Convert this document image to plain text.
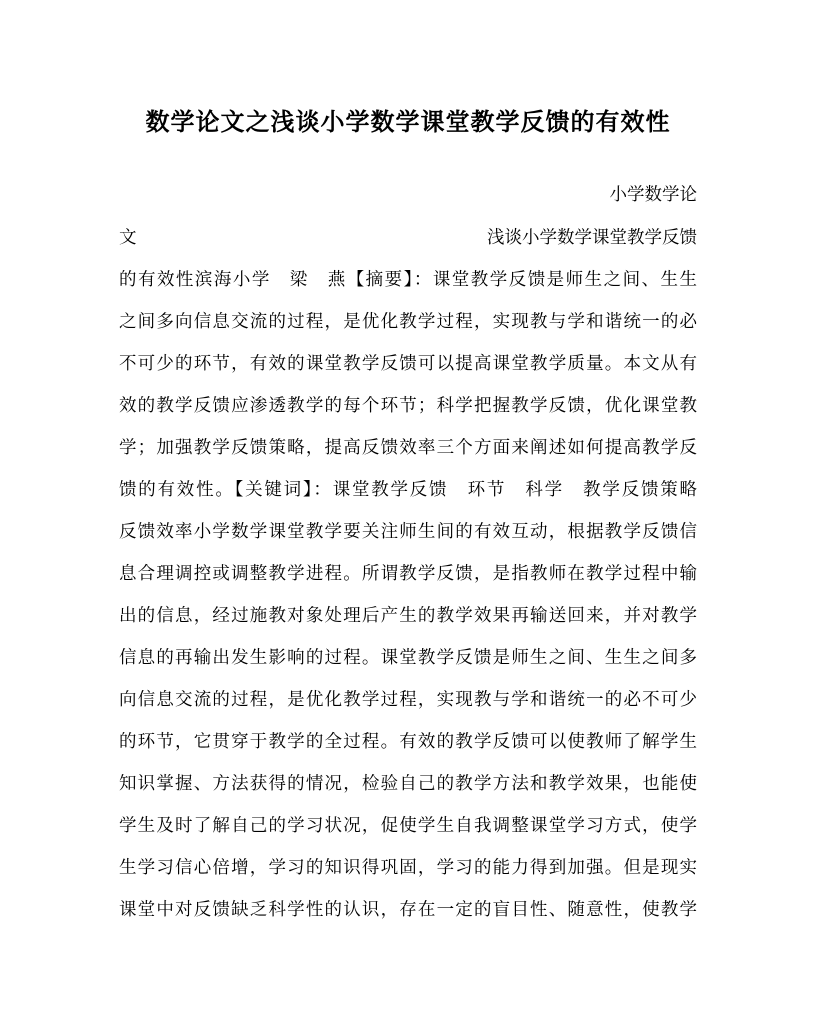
数学论文之浅谈小学数学课堂教学反馈的有效性
小学数学论
文	浅谈小学数学课堂教学反馈
的有效性滨海小学　梁　燕【摘要】：课堂教学反馈是师生之间、生生
之间多向信息交流的过程，是优化教学过程，实现教与学和谐统一的必
不可少的环节，有效的课堂教学反馈可以提高课堂教学质量。本文从有
效的教学反馈应渗透教学的每个环节；科学把握教学反馈，优化课堂教
学；加强教学反馈策略，提高反馈效率三个方面来阐述如何提高教学反
馈的有效性。【关键词】：课堂教学反馈　环节　科学　教学反馈策略
反馈效率小学数学课堂教学要关注师生间的有效互动，根据教学反馈信
息合理调控或调整教学进程。所谓教学反馈，是指教师在教学过程中输
出的信息，经过施教对象处理后产生的教学效果再输送回来，并对教学
信息的再输出发生影响的过程。课堂教学反馈是师生之间、生生之间多
向信息交流的过程，是优化教学过程，实现教与学和谐统一的必不可少
的环节，它贯穿于教学的全过程。有效的教学反馈可以使教师了解学生
知识掌握、方法获得的情况，检验自己的教学方法和教学效果，也能使
学生及时了解自己的学习状况，促使学生自我调整课堂学习方式，使学
生学习信心倍增，学习的知识得巩固，学习的能力得到加强。但是现实
课堂中对反馈缺乏科学性的认识，存在一定的盲目性、随意性，使教学
